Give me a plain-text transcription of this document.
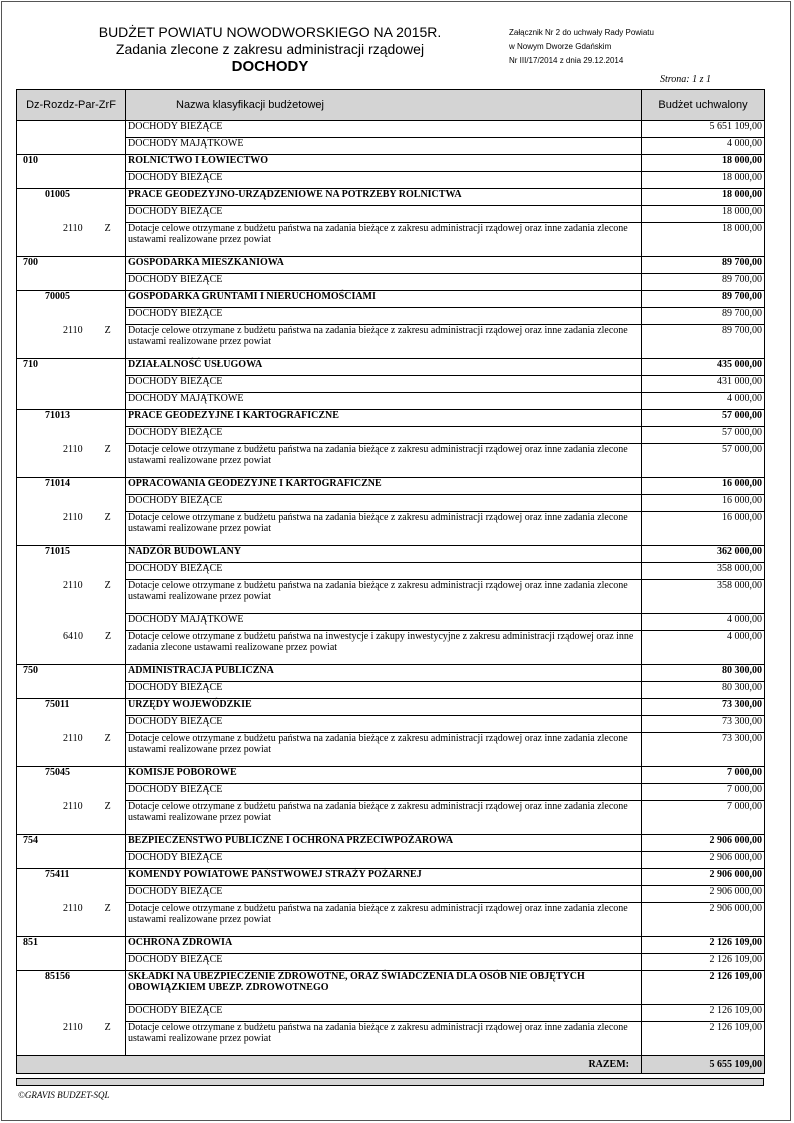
BUDŻET POWIATU NOWODWORSKIEGO NA 2015R.
Zadania zlecone z zakresu administracji rządowej
DOCHODY
Załącznik Nr 2 do uchwały Rady Powiatu
w Nowym Dworze Gdańskim
Nr III/17/2014 z dnia 29.12.2014
Strona: 1 z 1
Dz-Rozdz-Par-ZrF	Nazwa klasyfikacji budżetowej	Budżet uchwalony
	DOCHODY BIEŻĄCE	5 651 109,00
	DOCHODY MAJĄTKOWE	4 000,00
010	ROLNICTWO I ŁOWIECTWO	18 000,00
	DOCHODY BIEŻĄCE	18 000,00
01005	PRACE GEODEZYJNO-URZĄDZENIOWE NA POTRZEBY ROLNICTWA	18 000,00
	DOCHODY BIEŻĄCE	18 000,00
2110 Z	Dotacje celowe otrzymane z budżetu państwa na zadania bieżące z zakresu administracji rządowej oraz inne zadania zlecone ustawami realizowane przez powiat	18 000,00
700	GOSPODARKA MIESZKANIOWA	89 700,00
	DOCHODY BIEŻĄCE	89 700,00
70005	GOSPODARKA GRUNTAMI I NIERUCHOMOŚCIAMI	89 700,00
	DOCHODY BIEŻĄCE	89 700,00
2110 Z	Dotacje celowe otrzymane z budżetu państwa na zadania bieżące z zakresu administracji rządowej oraz inne zadania zlecone ustawami realizowane przez powiat	89 700,00
710	DZIAŁALNOŚĆ USŁUGOWA	435 000,00
	DOCHODY BIEŻĄCE	431 000,00
	DOCHODY MAJĄTKOWE	4 000,00
71013	PRACE GEODEZYJNE I KARTOGRAFICZNE	57 000,00
	DOCHODY BIEŻĄCE	57 000,00
2110 Z	Dotacje celowe otrzymane z budżetu państwa na zadania bieżące z zakresu administracji rządowej oraz inne zadania zlecone ustawami realizowane przez powiat	57 000,00
71014	OPRACOWANIA GEODEZYJNE I KARTOGRAFICZNE	16 000,00
	DOCHODY BIEŻĄCE	16 000,00
2110 Z	Dotacje celowe otrzymane z budżetu państwa na zadania bieżące z zakresu administracji rządowej oraz inne zadania zlecone ustawami realizowane przez powiat	16 000,00
71015	NADZÓR BUDOWLANY	362 000,00
	DOCHODY BIEŻĄCE	358 000,00
2110 Z	Dotacje celowe otrzymane z budżetu państwa na zadania bieżące z zakresu administracji rządowej oraz inne zadania zlecone ustawami realizowane przez powiat	358 000,00
	DOCHODY MAJĄTKOWE	4 000,00
6410 Z	Dotacje celowe otrzymane z budżetu państwa na inwestycje i zakupy inwestycyjne z zakresu administracji rządowej oraz inne zadania zlecone ustawami realizowane przez powiat	4 000,00
750	ADMINISTRACJA PUBLICZNA	80 300,00
	DOCHODY BIEŻĄCE	80 300,00
75011	URZĘDY WOJEWÓDZKIE	73 300,00
	DOCHODY BIEŻĄCE	73 300,00
2110 Z	Dotacje celowe otrzymane z budżetu państwa na zadania bieżące z zakresu administracji rządowej oraz inne zadania zlecone ustawami realizowane przez powiat	73 300,00
75045	KOMISJE POBOROWE	7 000,00
	DOCHODY BIEŻĄCE	7 000,00
2110 Z	Dotacje celowe otrzymane z budżetu państwa na zadania bieżące z zakresu administracji rządowej oraz inne zadania zlecone ustawami realizowane przez powiat	7 000,00
754	BEZPIECZEŃSTWO PUBLICZNE I OCHRONA PRZECIWPOŻAROWA	2 906 000,00
	DOCHODY BIEŻĄCE	2 906 000,00
75411	KOMENDY POWIATOWE PAŃSTWOWEJ STRAŻY POŻARNEJ	2 906 000,00
	DOCHODY BIEŻĄCE	2 906 000,00
2110 Z	Dotacje celowe otrzymane z budżetu państwa na zadania bieżące z zakresu administracji rządowej oraz inne zadania zlecone ustawami realizowane przez powiat	2 906 000,00
851	OCHRONA ZDROWIA	2 126 109,00
	DOCHODY BIEŻĄCE	2 126 109,00
85156	SKŁADKI NA UBEZPIECZENIE ZDROWOTNE, ORAZ ŚWIADCZENIA DLA OSÓB NIE OBJĘTYCH OBOWIĄZKIEM UBEZP. ZDROWOTNEGO	2 126 109,00
	DOCHODY BIEŻĄCE	2 126 109,00
2110 Z	Dotacje celowe otrzymane z budżetu państwa na zadania bieżące z zakresu administracji rządowej oraz inne zadania zlecone ustawami realizowane przez powiat	2 126 109,00
RAZEM:		5 655 109,00
©GRAVIS BUDZET-SQL
